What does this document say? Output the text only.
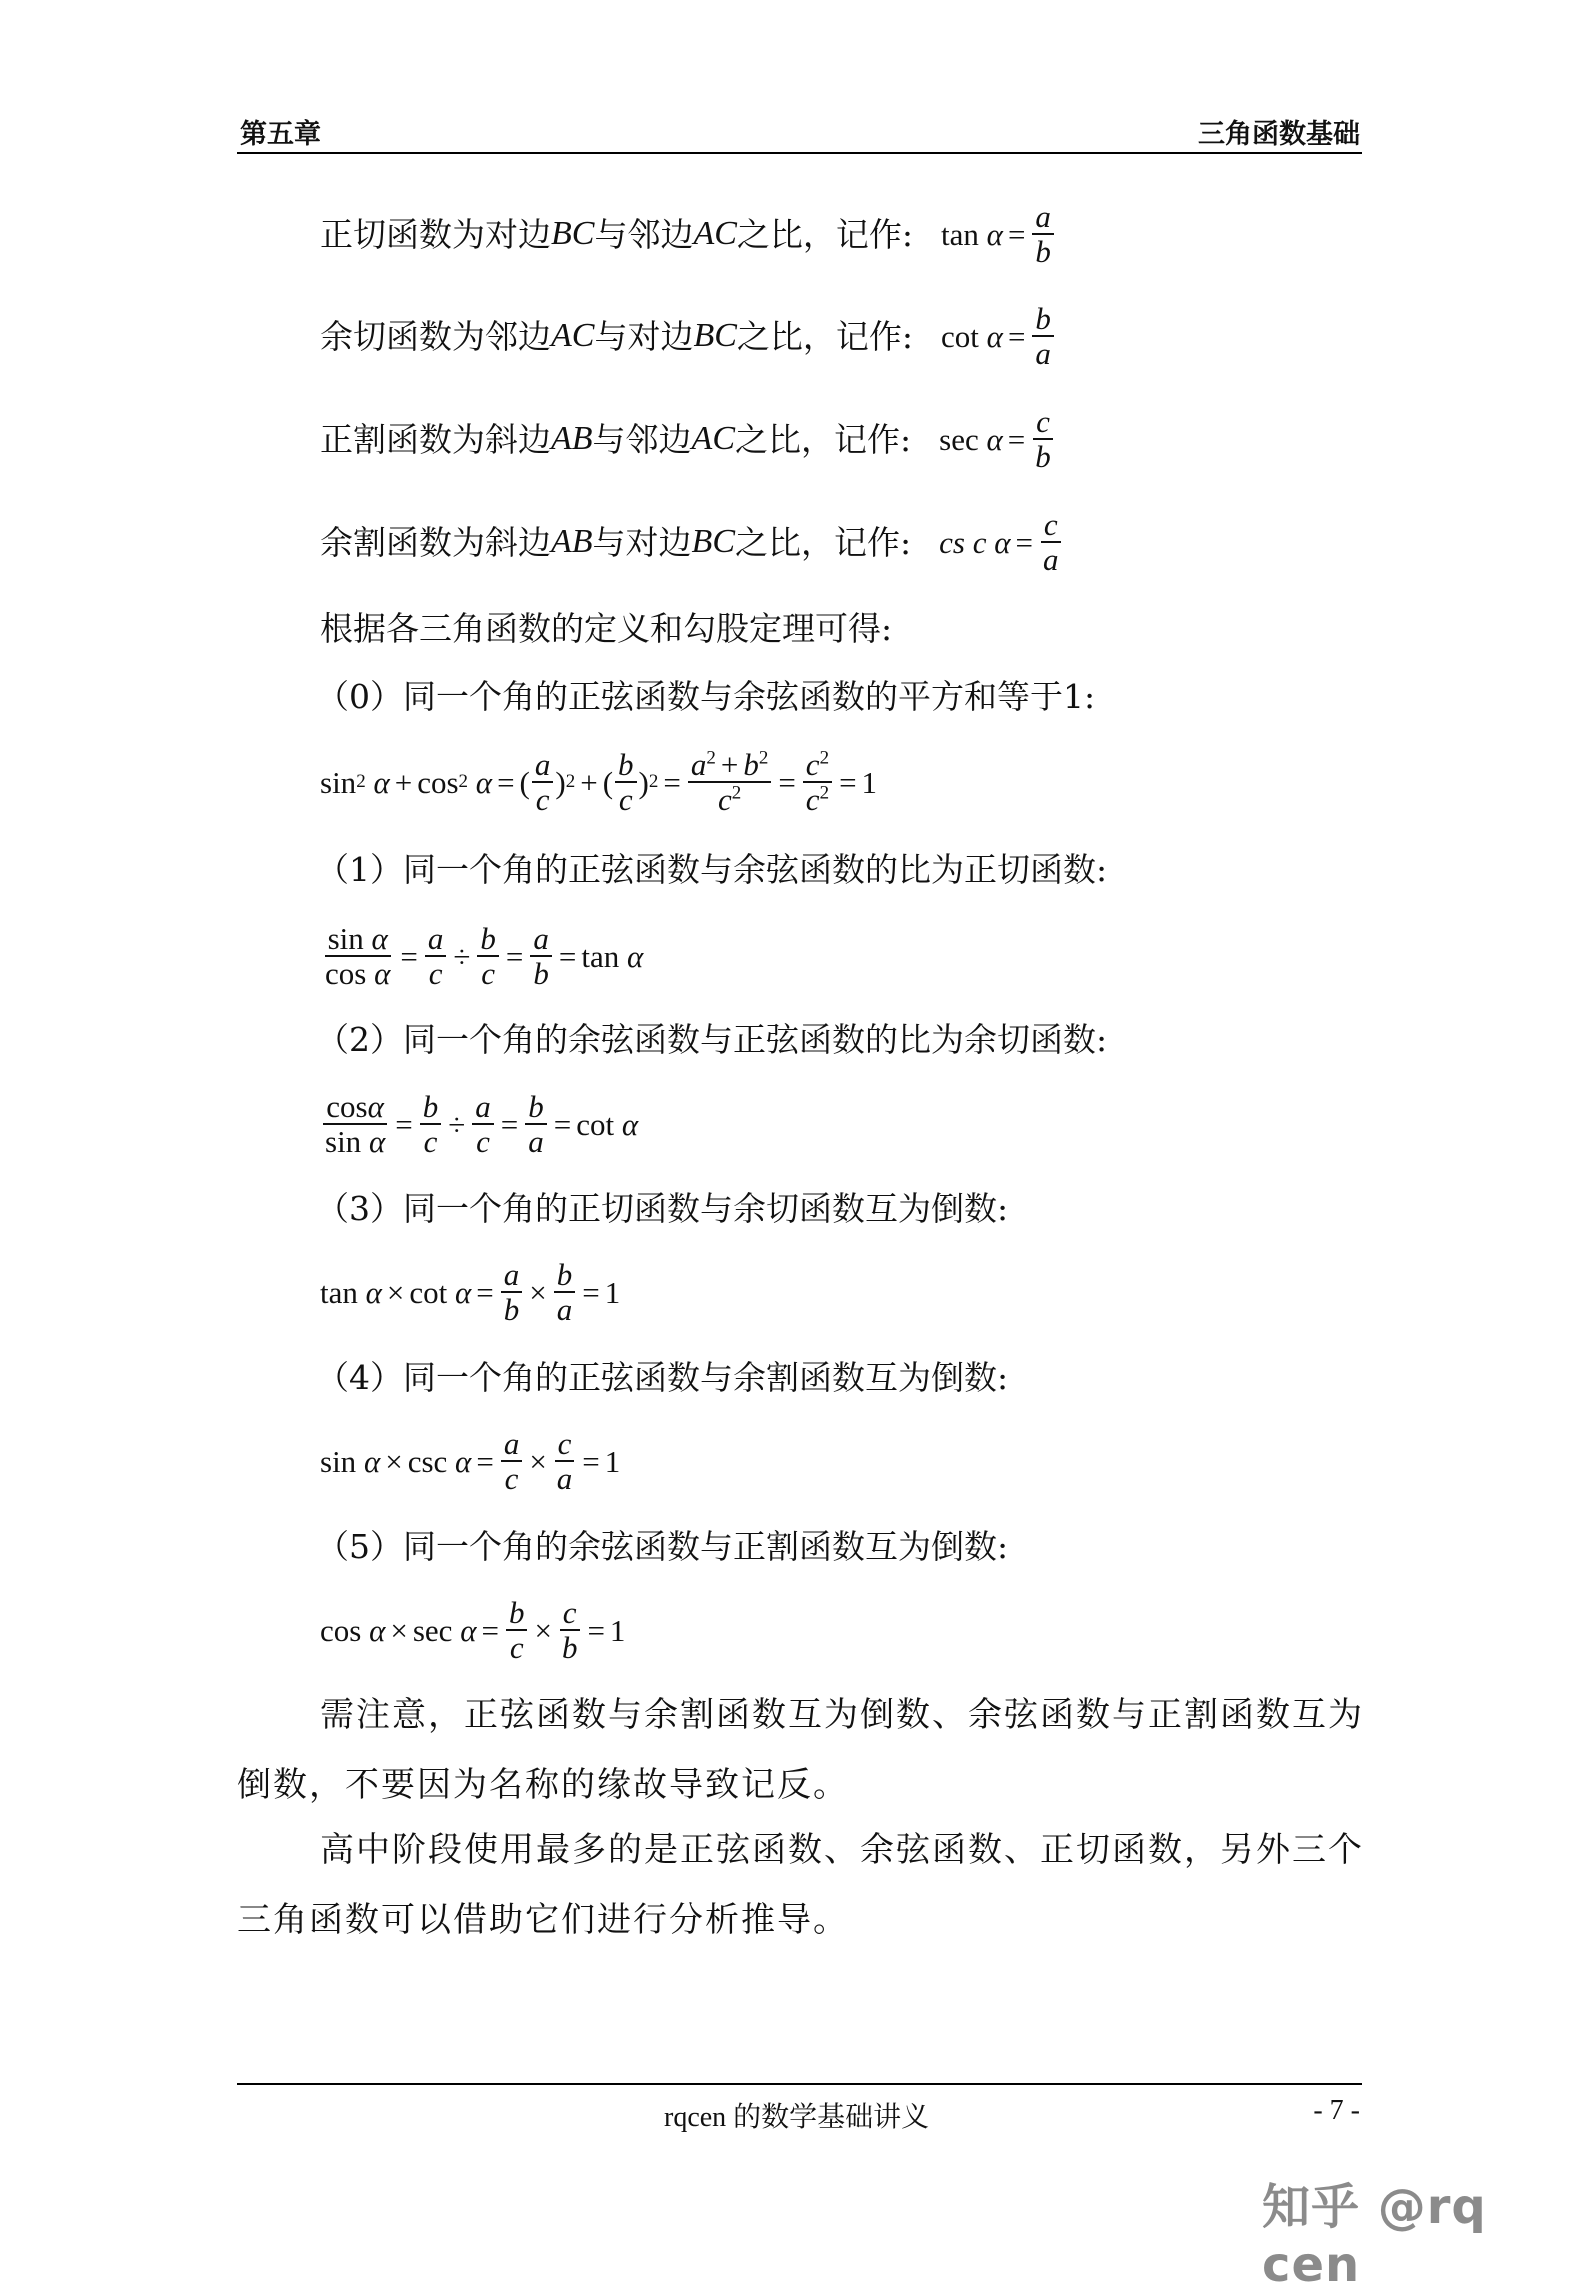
第五章	三角函数基础
正切函数为对边 BC 与邻边 AC 之比，记作: tan
$\alpha = \frac{a}{b}$
余切函数为邻边 AC 与对边 BC 之比，记作: cot
$\alpha = \frac{b}{a}$
正割函数为斜边 AB 与邻边 AC 之比，记作: sec
$\alpha = \frac{c}{b}$
余割函数为斜边 AB 与对边 BC 之比，记作: cs c
$\alpha = \frac{c}{a}$
根据各三角函数的定义和勾股定理可得:
（0）同一个角的正弦函数与余弦函数的平方和等于1:
sin 2
α + cos 2
α = ( $\frac{a}{c}$ ) 2 + ( $\frac{b}{c}$ ) $2 = \frac{a^2 + b^2}{c^2} = \frac{c^2}{c^2} = 1$
（1）同一个角的正弦函数与余弦函数的比为正切函数:
$\frac{\text{sin α}}{\text{cos α}} = \frac{a}{c} \div \frac{b}{c} = \frac{a}{b} = \tan$
α
（2）同一个角的余弦函数与正弦函数的比为余切函数:
$\frac{\cos\alpha}{\text{sin α}} = \frac{b}{c} \div \frac{a}{c} = \frac{b}{a} = \cot$
α
（3）同一个角的正切函数与余切函数互为倒数:
tan
α × cot
$\alpha = \frac{a}{b} \times \frac{b}{a} = 1$
（4）同一个角的正弦函数与余割函数互为倒数:
sin
α × csc
$\alpha = \frac{a}{c} \times \frac{c}{a} = 1$
（5）同一个角的余弦函数与正割函数互为倒数:
cos
α × sec
$\alpha = \frac{b}{c} \times \frac{c}{b} = 1$

需注意，正弦函数与余割函数互为倒数、余弦函数与正割函数互为倒数，不要因为名称的缘故导致记反。

高中阶段使用最多的是正弦函数、余弦函数、正切函数，另外三个三角函数可以借助它们进行分析推导。

rqcen 的数学基础讲义	- 7 -
知乎 @rq cen
